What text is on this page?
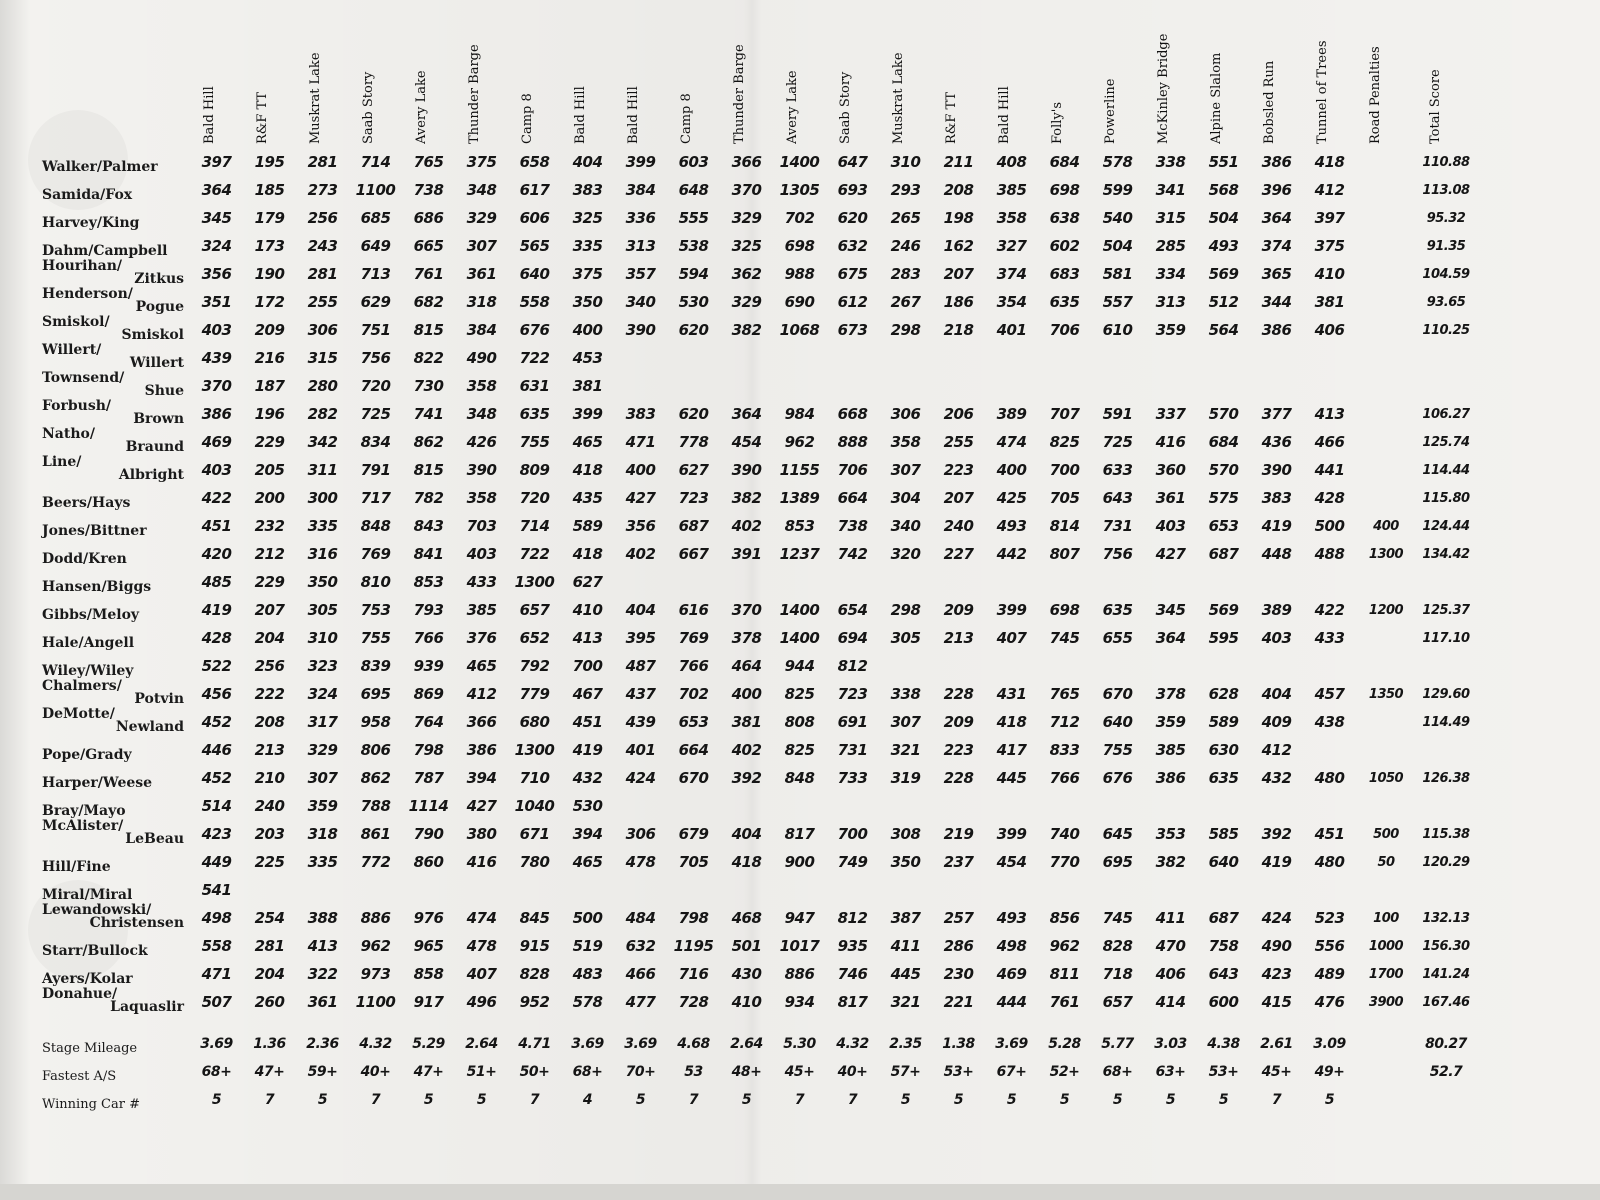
	Bald Hill	R&F TT	Muskrat Lake	Saab Story	Avery Lake	Thunder Barge	Camp 8	Bald Hill	Bald Hill	Camp 8	Thunder Barge	Avery Lake	Saab Story	Muskrat Lake	R&F TT	Bald Hill	Folly's	Powerline	McKinley Bridge	Alpine Slalom	Bobsled Run	Tunnel of Trees	Road Penalties	Total Score

Walker/Palmer	397	195	281	714	765	375	658	404	399	603	366	1400	647	310	211	408	684	578	338	551	386	418		110.88
Samida/Fox	364	185	273	1100	738	348	617	383	384	648	370	1305	693	293	208	385	698	599	341	568	396	412		113.08
Harvey/King	345	179	256	685	686	329	606	325	336	555	329	702	620	265	198	358	638	540	315	504	364	397		95.32
Dahm/Campbell	324	173	243	649	665	307	565	335	313	538	325	698	632	246	162	327	602	504	285	493	374	375		91.35

Hourihan/
Zitkus	356	190	281	713	761	361	640	375	357	594	362	988	675	283	207	374	683	581	334	569	365	410		104.59

Henderson/
Pogue	351	172	255	629	682	318	558	350	340	530	329	690	612	267	186	354	635	557	313	512	344	381		93.65

Smiskol/
Smiskol	403	209	306	751	815	384	676	400	390	620	382	1068	673	298	218	401	706	610	359	564	386	406		110.25

Willert/
Willert	439	216	315	756	822	490	722	453																

Townsend/
Shue	370	187	280	720	730	358	631	381																

Forbush/
Brown	386	196	282	725	741	348	635	399	383	620	364	984	668	306	206	389	707	591	337	570	377	413		106.27

Natho/
Braund	469	229	342	834	862	426	755	465	471	778	454	962	888	358	255	474	825	725	416	684	436	466		125.74

Line/
Albright	403	205	311	791	815	390	809	418	400	627	390	1155	706	307	223	400	700	633	360	570	390	441		114.44
Beers/Hays	422	200	300	717	782	358	720	435	427	723	382	1389	664	304	207	425	705	643	361	575	383	428		115.80
Jones/Bittner	451	232	335	848	843	703	714	589	356	687	402	853	738	340	240	493	814	731	403	653	419	500	400	124.44
Dodd/Kren	420	212	316	769	841	403	722	418	402	667	391	1237	742	320	227	442	807	756	427	687	448	488	1300	134.42
Hansen/Biggs	485	229	350	810	853	433	1300	627																
Gibbs/Meloy	419	207	305	753	793	385	657	410	404	616	370	1400	654	298	209	399	698	635	345	569	389	422	1200	125.37
Hale/Angell	428	204	310	755	766	376	652	413	395	769	378	1400	694	305	213	407	745	655	364	595	403	433		117.10
Wiley/Wiley	522	256	323	839	939	465	792	700	487	766	464	944	812											

Chalmers/
Potvin	456	222	324	695	869	412	779	467	437	702	400	825	723	338	228	431	765	670	378	628	404	457	1350	129.60

DeMotte/
Newland	452	208	317	958	764	366	680	451	439	653	381	808	691	307	209	418	712	640	359	589	409	438		114.49
Pope/Grady	446	213	329	806	798	386	1300	419	401	664	402	825	731	321	223	417	833	755	385	630	412			
Harper/Weese	452	210	307	862	787	394	710	432	424	670	392	848	733	319	228	445	766	676	386	635	432	480	1050	126.38
Bray/Mayo	514	240	359	788	1114	427	1040	530																

McAlister/
LeBeau	423	203	318	861	790	380	671	394	306	679	404	817	700	308	219	399	740	645	353	585	392	451	500	115.38
Hill/Fine	449	225	335	772	860	416	780	465	478	705	418	900	749	350	237	454	770	695	382	640	419	480	50	120.29
Miral/Miral	541																							

Lewandowski/
Christensen	498	254	388	886	976	474	845	500	484	798	468	947	812	387	257	493	856	745	411	687	424	523	100	132.13
Starr/Bullock	558	281	413	962	965	478	915	519	632	1195	501	1017	935	411	286	498	962	828	470	758	490	556	1000	156.30
Ayers/Kolar	471	204	322	973	858	407	828	483	466	716	430	886	746	445	230	469	811	718	406	643	423	489	1700	141.24

Donahue/
Laquaslir	507	260	361	1100	917	496	952	578	477	728	410	934	817	321	221	444	761	657	414	600	415	476	3900	167.46

Stage Mileage	3.69	1.36	2.36	4.32	5.29	2.64	4.71	3.69	3.69	4.68	2.64	5.30	4.32	2.35	1.38	3.69	5.28	5.77	3.03	4.38	2.61	3.09		80.27
Fastest A/S	68+	47+	59+	40+	47+	51+	50+	68+	70+	53	48+	45+	40+	57+	53+	67+	52+	68+	63+	53+	45+	49+		52.7
Winning Car #	5	7	5	7	5	5	7	4	5	7	5	7	7	5	5	5	5	5	5	5	7	5		
